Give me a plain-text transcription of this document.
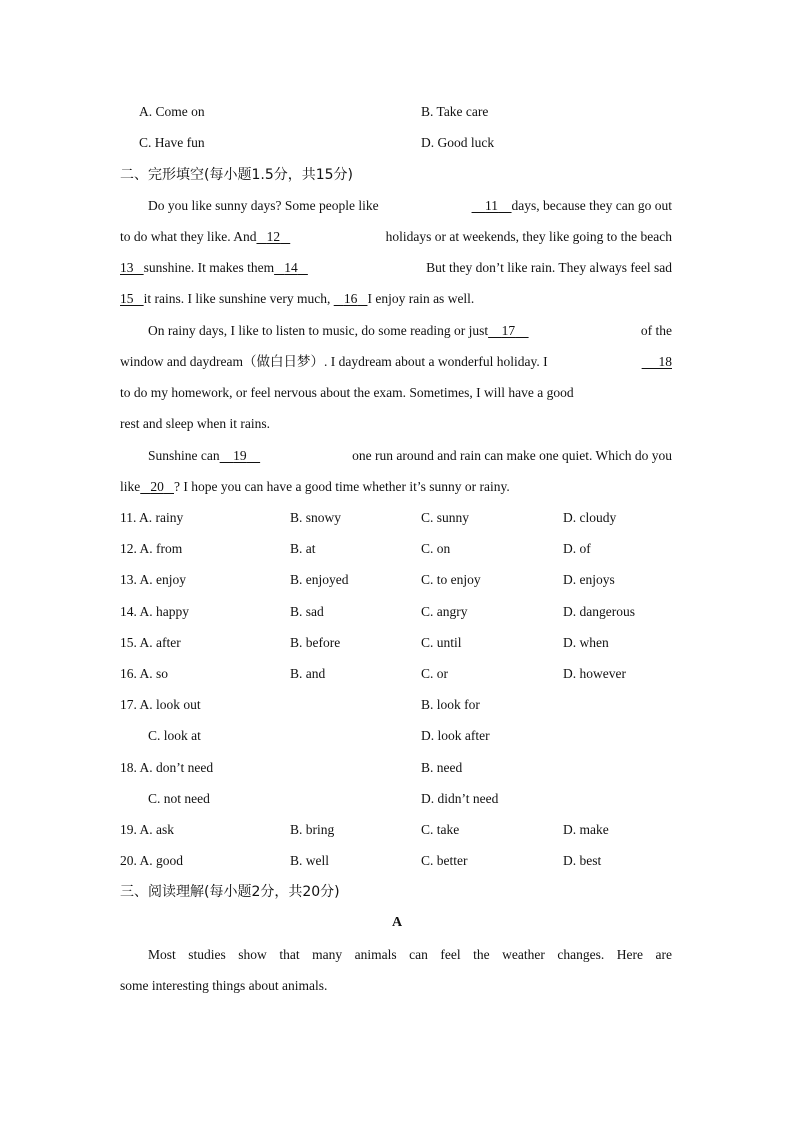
A. Come on	B. Take care
C. Have fun	D. Good luck
二、完形填空(每小题1.5分，共15分)
Do you like sunny days? Some people like	11 days, because they can go out
to do what they like. And 12	holidays or at weekends, they like going to the beach
13 sunshine. It makes them 14	But they don’t like rain. They always feel sad
15 it rains. I like sunshine very much,
	16 I enjoy rain as well.
On rainy days, I like to listen to music, do some reading or just 17	of the
window and daydream（做白日梦）. I daydream about a wonderful holiday. I	18
to do my homework, or feel nervous about the exam. Sometimes, I will have a good
rest and sleep when it rains.
Sunshine can 19	one run around and rain can make one quiet. Which do you
like 20 ? I hope you can have a good time whether it’s sunny or rainy.
11. A. rainy	B. snowy	C. sunny	D. cloudy
12. A. from	B. at	C. on	D. of
13. A. enjoy	B. enjoyed	C. to enjoy	D. enjoys
14. A. happy	B. sad	C. angry	D. dangerous
15. A. after	B. before	C. until	D. when
16. A. so	B. and	C. or	D. however
17. A. look out	B. look for
C. look at	D. look after
18. A. don’t need	B. need
C. not need	D. didn’t need
19. A. ask	B. bring	C. take	D. make
20. A. good	B. well	C. better	D. best
三、阅读理解(每小题2分，共20分)
A
Most studies show that many animals can feel the weather changes. Here are
some interesting things about animals.
